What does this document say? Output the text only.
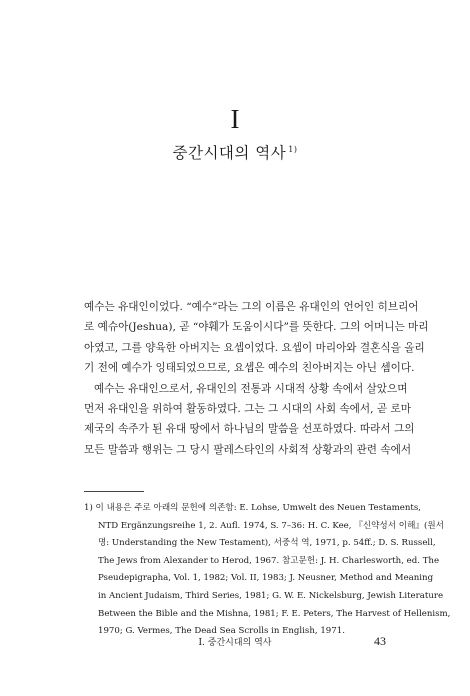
I
중간시대의 역사 $^{1)}$

예수는 유대인이었다. “예수”라는 그의 이름은 유대인의 언어인 히브리어
로 예슈아(Jeshua), 곧 “야훼가 도움이시다”를 뜻한다. 그의 어머니는 마리
아였고, 그를 양육한 아버지는 요셉이었다. 요셉이 마리아와 결혼식을 올리
기 전에 예수가 잉태되었으므로, 요셉은 예수의 친아버지는 아닌 셈이다.

예수는 유대인으로서, 유대인의 전통과 시대적 상황 속에서 살았으며
먼저 유대인을 위하여 활동하였다. 그는 그 시대의 사회 속에서, 곧 로마
제국의 속주가 된 유대 땅에서 하나님의 말씀을 선포하였다. 따라서 그의
모든 말씀과 행위는 그 당시 팔레스타인의 사회적 상황과의 관련 속에서

1) 이 내용은 주로 아래의 문헌에 의존함: E. Lohse, Umwelt des Neuen Testaments,
NTD Ergänzungsreihe 1, 2. Aufl. 1974, S. 7–36: H. C. Kee, 『신약성서 이해』(원서
명: Understanding the New Testament), 서중석 역, 1971, p. 54ff.; D. S. Russell,
The Jews from Alexander to Herod, 1967. 참고문헌: J. H. Charlesworth, ed. The
Pseudepigrapha, Vol. 1, 1982; Vol. II, 1983; J. Neusner, Method and Meaning
in Ancient Judaism, Third Series, 1981; G. W. E. Nickelsburg, Jewish Literature
Between the Bible and the Mishna, 1981; F. E. Peters, The Harvest of Hellenism,
1970; G. Vermes, The Dead Sea Scrolls in English, 1971.
I. 중간시대의 역사	43
